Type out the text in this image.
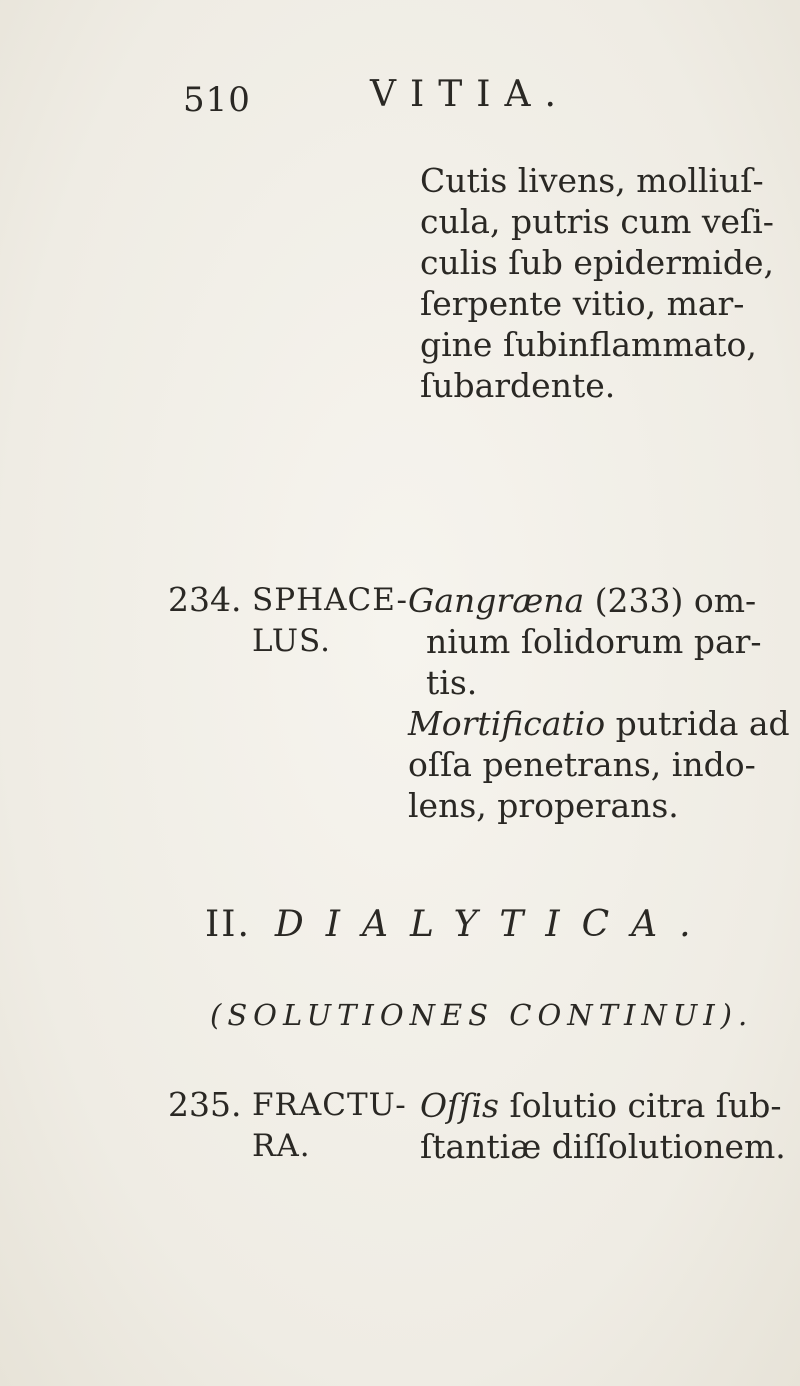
510	VITIA.
Cutis livens, molliuſ-
cula, putris cum veſi-
culis ſub epidermide,
ſerpente vitio, mar-
gine ſubinflammato,
ſubardente.
234. SPHACE-
LUS.
Gangræna (233) om-
nium ſolidorum par-
tis.
Mortificatio putrida ad
oſſa penetrans, indo-
lens, properans.
II. DIALYTICA.
(SOLUTIONES CONTINUI).
235. FRACTU-
RA.
Oſſis ſolutio citra ſub-
ſtantiæ diſſolutionem.
